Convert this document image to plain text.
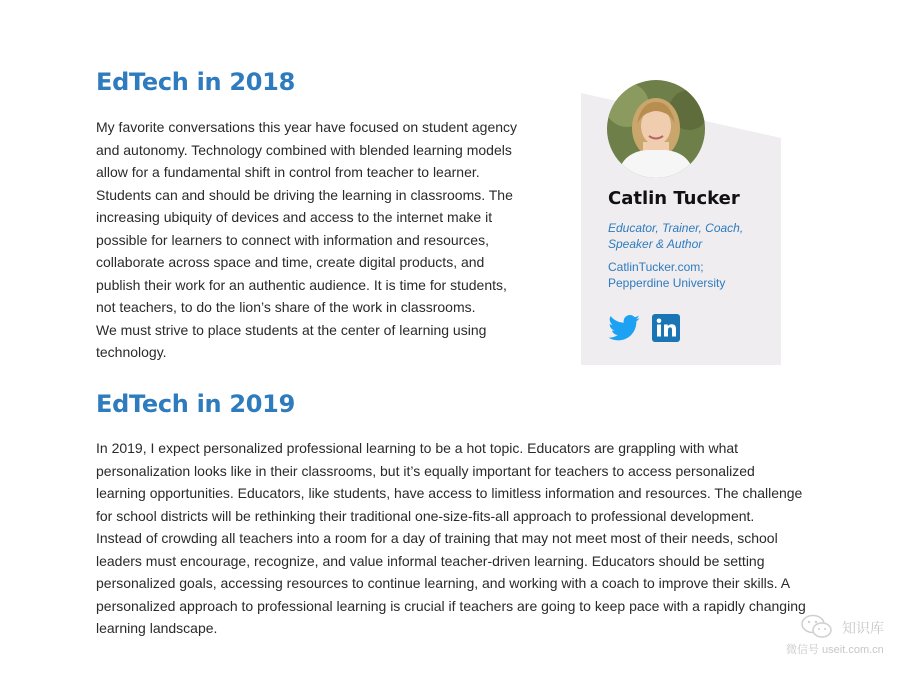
EdTech in 2018
My favorite conversations this year have focused on student agency
and autonomy. Technology combined with blended learning models
allow for a fundamental shift in control from teacher to learner.
Students can and should be driving the learning in classrooms. The
increasing ubiquity of devices and access to the internet make it
possible for learners to connect with information and resources,
collaborate across space and time, create digital products, and
publish their work for an authentic audience. It is time for students,
not teachers, to do the lion’s share of the work in classrooms.
We must strive to place students at the center of learning using
technology.
Catlin Tucker
Educator, Trainer, Coach,
Speaker & Author
CatlinTucker.com;
Pepperdine University
EdTech in 2019
In 2019, I expect personalized professional learning to be a hot topic. Educators are grappling with what
personalization looks like in their classrooms, but it’s equally important for teachers to access personalized
learning opportunities. Educators, like students, have access to limitless information and resources. The challenge
for school districts will be rethinking their traditional one-size-fits-all approach to professional development.
Instead of crowding all teachers into a room for a day of training that may not meet most of their needs, school
leaders must encourage, recognize, and value informal teacher-driven learning. Educators should be setting
personalized goals, accessing resources to continue learning, and working with a coach to improve their skills. A
personalized approach to professional learning is crucial if teachers are going to keep pace with a rapidly changing
learning landscape.	知识库
微信号 useit.com.cn
